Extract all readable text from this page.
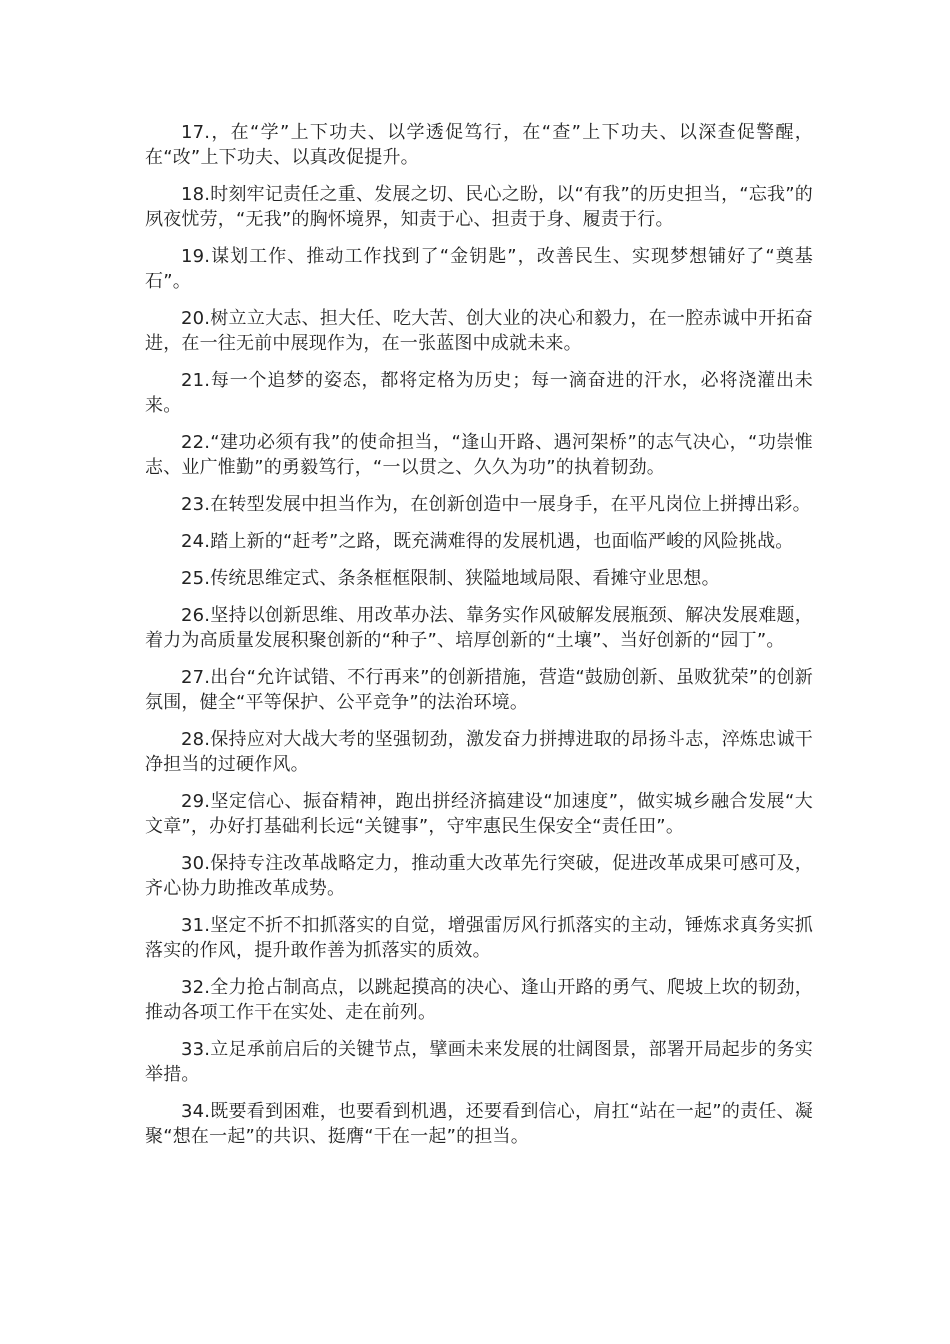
17.，在“学”上下功夫、以学透促笃行，在“查”上下功夫、以深查促警醒，在“改”上下功夫、以真改促提升。

18.时刻牢记责任之重、发展之切、民心之盼，以“有我”的历史担当，“忘我”的夙夜忧劳，“无我”的胸怀境界，知责于心、担责于身、履责于行。

19.谋划工作、推动工作找到了“金钥匙”，改善民生、实现梦想铺好了“奠基石”。

20.树立立大志、担大任、吃大苦、创大业的决心和毅力，在一腔赤诚中开拓奋进，在一往无前中展现作为，在一张蓝图中成就未来。

21.每一个追梦的姿态，都将定格为历史；每一滴奋进的汗水，必将浇灌出未来。

22.“建功必须有我”的使命担当，“逢山开路、遇河架桥”的志气决心，“功崇惟志、业广惟勤”的勇毅笃行，“一以贯之、久久为功”的执着韧劲。

23.在转型发展中担当作为，在创新创造中一展身手，在平凡岗位上拼搏出彩。

24.踏上新的“赶考”之路，既充满难得的发展机遇，也面临严峻的风险挑战。

25.传统思维定式、条条框框限制、狭隘地域局限、看摊守业思想。

26.坚持以创新思维、用改革办法、靠务实作风破解发展瓶颈、解决发展难题，着力为高质量发展积聚创新的“种子”、培厚创新的“土壤”、当好创新的“园丁”。

27.出台“允许试错、不行再来”的创新措施，营造“鼓励创新、虽败犹荣”的创新氛围，健全“平等保护、公平竞争”的法治环境。

28.保持应对大战大考的坚强韧劲，激发奋力拼搏进取的昂扬斗志，淬炼忠诚干净担当的过硬作风。

29.坚定信心、振奋精神，跑出拼经济搞建设“加速度”，做实城乡融合发展“大文章”，办好打基础利长远“关键事”，守牢惠民生保安全“责任田”。

30.保持专注改革战略定力，推动重大改革先行突破，促进改革成果可感可及，齐心协力助推改革成势。

31.坚定不折不扣抓落实的自觉，增强雷厉风行抓落实的主动，锤炼求真务实抓落实的作风，提升敢作善为抓落实的质效。

32.全力抢占制高点，以跳起摸高的决心、逢山开路的勇气、爬坡上坎的韧劲，推动各项工作干在实处、走在前列。

33.立足承前启后的关键节点，擘画未来发展的壮阔图景，部署开局起步的务实举措。

34.既要看到困难，也要看到机遇，还要看到信心，肩扛“站在一起”的责任、凝聚“想在一起”的共识、挺膺“干在一起”的担当。
